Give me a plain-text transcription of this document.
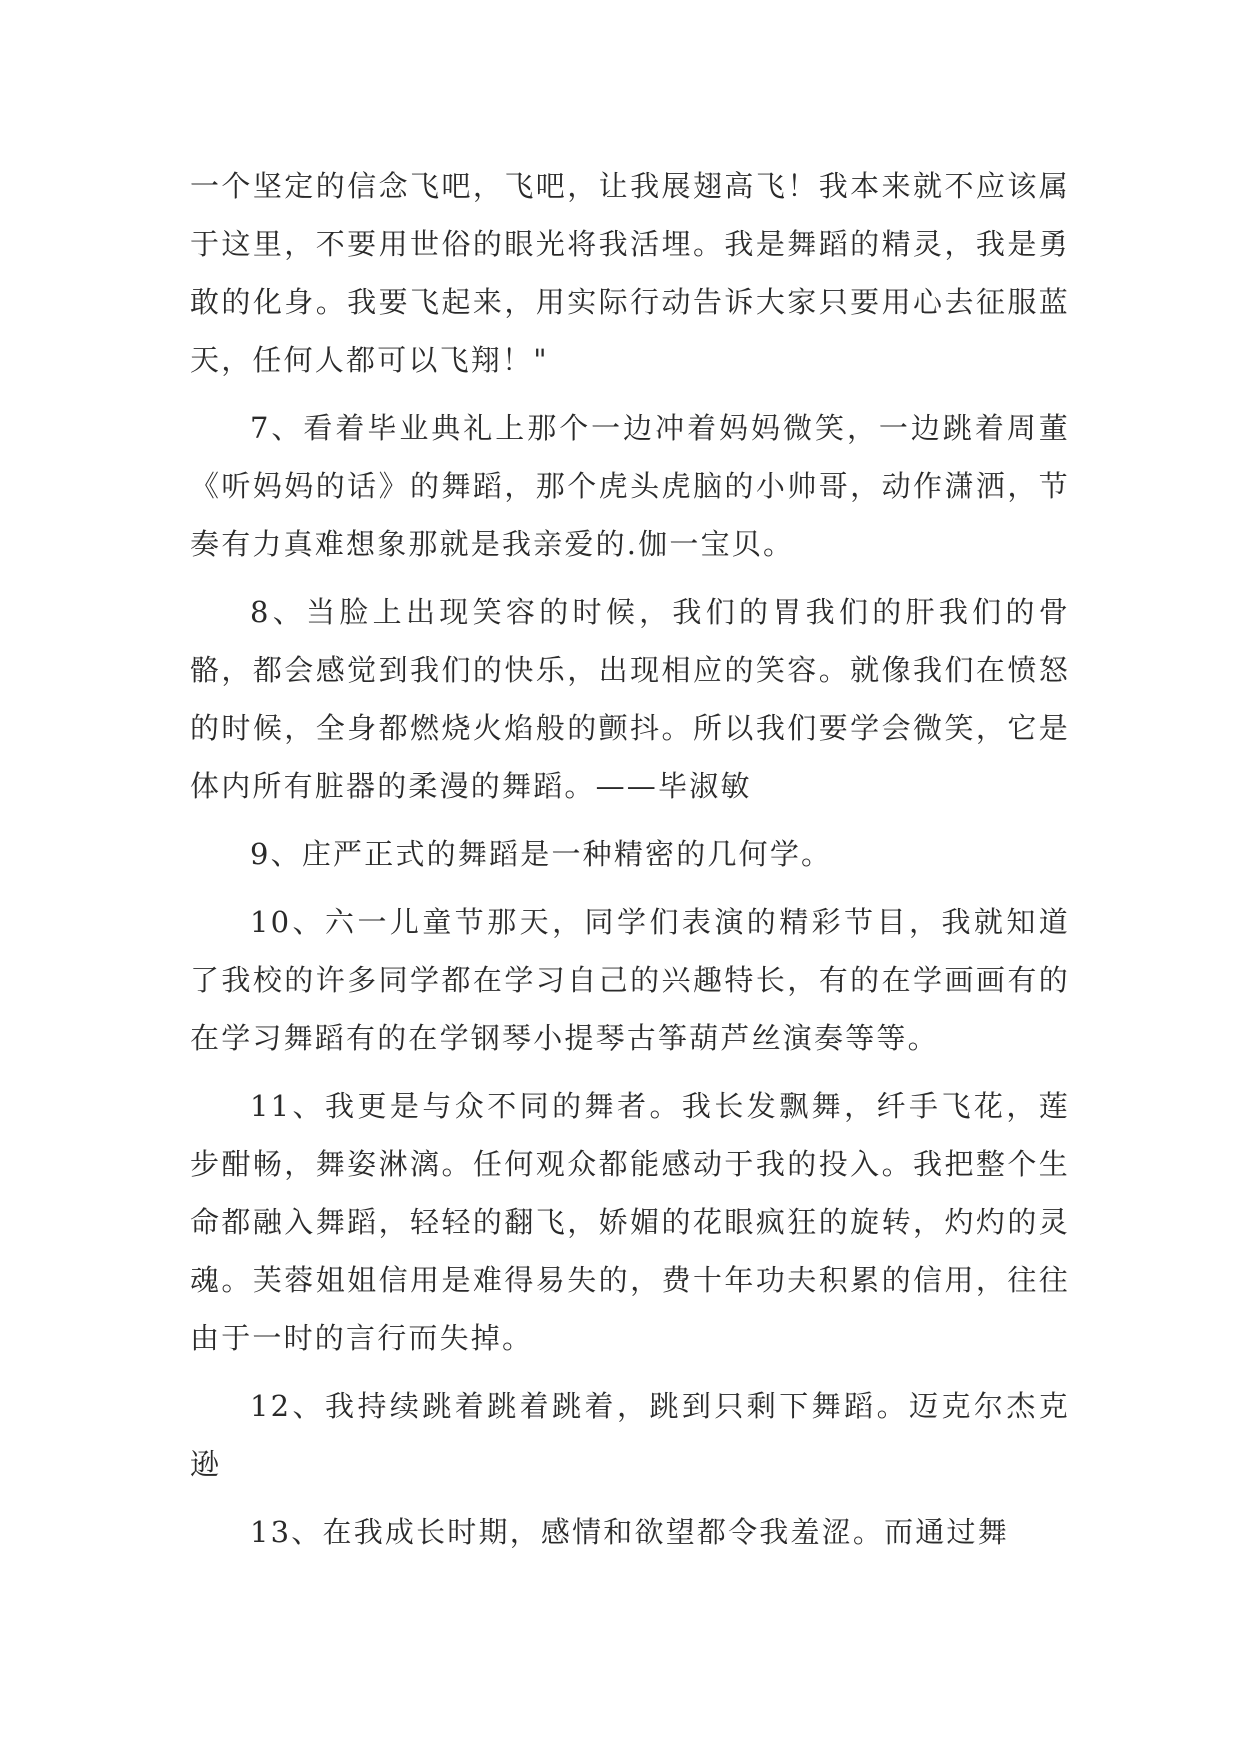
一个坚定的信念飞吧，飞吧，让我展翅高飞！我本来就不应该属于这里，不要用世俗的眼光将我活埋。我是舞蹈的精灵，我是勇敢的化身。我要飞起来，用实际行动告诉大家只要用心去征服蓝天，任何人都可以飞翔！"

7、看着毕业典礼上那个一边冲着妈妈微笑，一边跳着周董《听妈妈的话》的舞蹈，那个虎头虎脑的小帅哥，动作潇洒，节奏有力真难想象那就是我亲爱的.伽一宝贝。

8、当脸上出现笑容的时候，我们的胃我们的肝我们的骨骼，都会感觉到我们的快乐，出现相应的笑容。就像我们在愤怒的时候，全身都燃烧火焰般的颤抖。所以我们要学会微笑，它是体内所有脏器的柔漫的舞蹈。——毕淑敏

9、庄严正式的舞蹈是一种精密的几何学。

10、六一儿童节那天，同学们表演的精彩节目，我就知道了我校的许多同学都在学习自己的兴趣特长，有的在学画画有的在学习舞蹈有的在学钢琴小提琴古筝葫芦丝演奏等等。

11、我更是与众不同的舞者。我长发飘舞，纤手飞花，莲步酣畅，舞姿淋漓。任何观众都能感动于我的投入。我把整个生命都融入舞蹈，轻轻的翻飞，娇媚的花眼疯狂的旋转，灼灼的灵魂。芙蓉姐姐信用是难得易失的，费十年功夫积累的信用，往往由于一时的言行而失掉。

12、我持续跳着跳着跳着，跳到只剩下舞蹈。迈克尔杰克逊

13、在我成长时期，感情和欲望都令我羞涩。而通过舞
